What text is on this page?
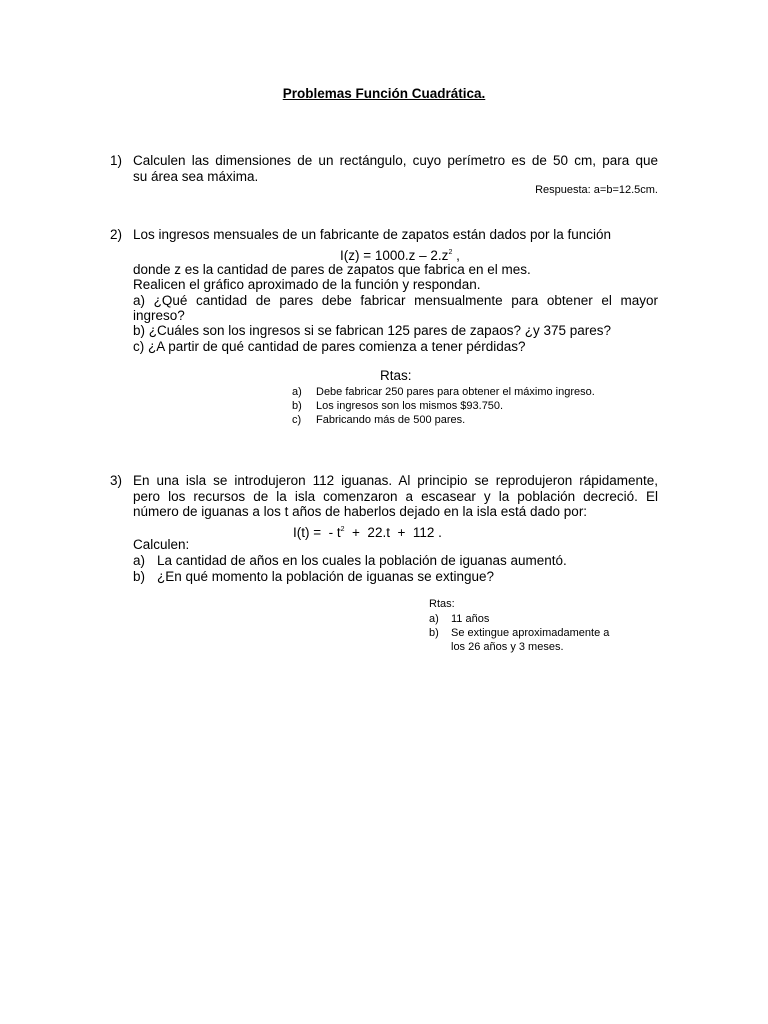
Problemas Función Cuadrática.
1) Calculen las dimensiones de un rectángulo, cuyo perímetro es de 50 cm, para que
su área sea máxima.
Respuesta: a=b=12.5cm.
2) Los ingresos mensuales de un fabricante de zapatos están dados por la función
$I(z) = 1000.z - 2.z^2$ ,
donde z es la cantidad de pares de zapatos que fabrica en el mes.
Realicen el gráfico aproximado de la función y respondan.
a) ¿Qué cantidad de pares debe fabricar mensualmente para obtener el mayor
ingreso?
b) ¿Cuáles son los ingresos si se fabrican 125 pares de zapaos? ¿y 375 pares?
c) ¿A partir de qué cantidad de pares comienza a tener pérdidas?
Rtas:
a) Debe fabricar 250 pares para obtener el máximo ingreso.
b) Los ingresos son los mismos $93.750.
c) Fabricando más de 500 pares.
3) En una isla se introdujeron 112 iguanas. Al principio se reprodujeron rápidamente,
pero los recursos de la isla comenzaron a escasear y la población decreció. El
número de iguanas a los t años de haberlos dejado en la isla está dado por:
I(t) =  - $t^2 + 22.t + 112$ .
Calculen:
a) La cantidad de años en los cuales la población de iguanas aumentó.
b) ¿En qué momento la población de iguanas se extingue?
Rtas:
a) 11 años
b) Se extingue aproximadamente a
los 26 años y 3 meses.
